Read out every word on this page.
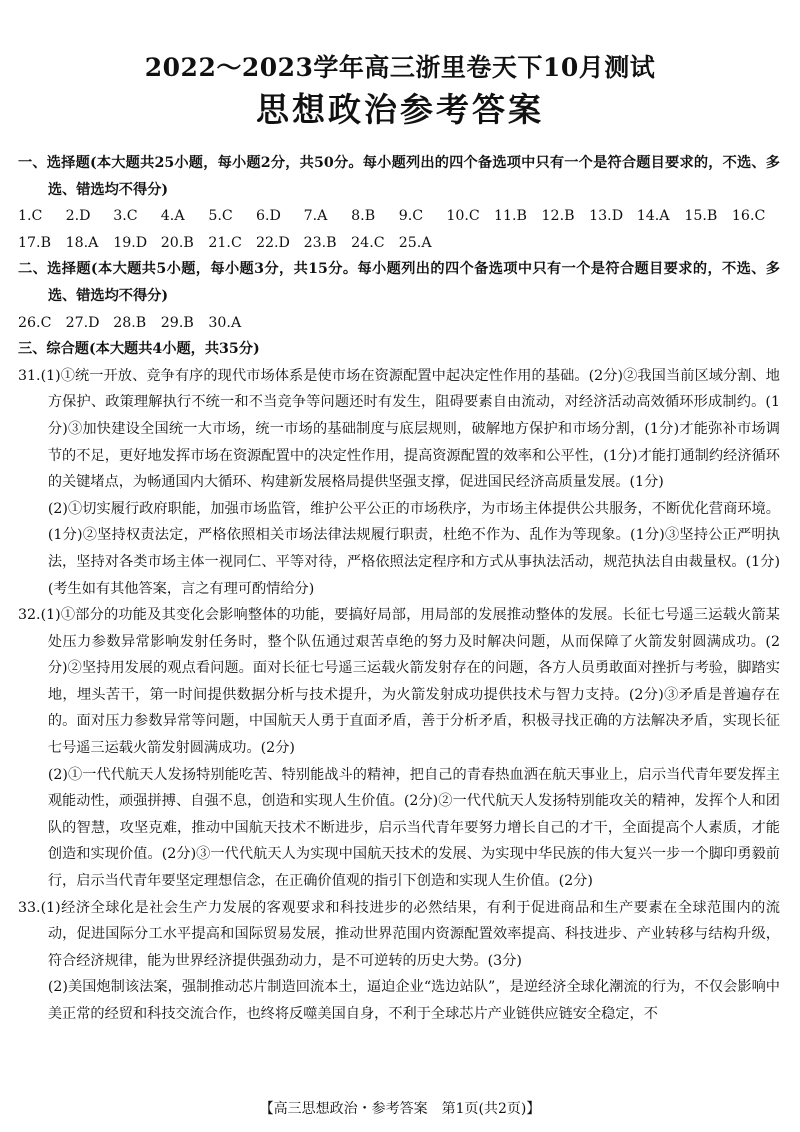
2022～2023学年高三浙里卷天下10月测试
思想政治参考答案

一、选择题(本大题共25小题，每小题2分，共50分。每小题列出的四个备选项中只有一个是符合题目要求的，不选、多选、错选均不得分)

1.C	2.D	3.C	4.A	5.C	6.D	7.A	8.B	9.C	10.C 11.B	12.B	13.D 14.A	15.B	16.C
17.B	18.A	19.D 20.B	21.C 22.D 23.B	24.C 25.A

二、选择题(本大题共5小题，每小题3分，共15分。每小题列出的四个备选项中只有一个是符合题目要求的，不选、多选、错选均不得分)

26.C 27.D 28.B	29.B	30.A

三、综合题(本大题共4小题，共35分)

31.(1)①统一开放、竞争有序的现代市场体系是使市场在资源配置中起决定性作用的基础。(2分)②我国当前区域分割、地方保护、政策理解执行不统一和不当竞争等问题还时有发生，阻碍要素自由流动，对经济活动高效循环形成制约。(1分)③加快建设全国统一大市场，统一市场的基础制度与底层规则，破解地方保护和市场分割，(1分)才能弥补市场调节的不足，更好地发挥市场在资源配置中的决定性作用，提高资源配置的效率和公平性，(1分)才能打通制约经济循环的关键堵点，为畅通国内大循环、构建新发展格局提供坚强支撑，促进国民经济高质量发展。(1分)

(2)①切实履行政府职能，加强市场监管，维护公平公正的市场秩序，为市场主体提供公共服务，不断优化营商环境。(1分)②坚持权责法定，严格依照相关市场法律法规履行职责，杜绝不作为、乱作为等现象。(1分)③坚持公正严明执法，坚持对各类市场主体一视同仁、平等对待，严格依照法定程序和方式从事执法活动，规范执法自由裁量权。(1分)(考生如有其他答案，言之有理可酌情给分)

32.(1)①部分的功能及其变化会影响整体的功能，要搞好局部，用局部的发展推动整体的发展。长征七号遥三运载火箭某处压力参数异常影响发射任务时，整个队伍通过艰苦卓绝的努力及时解决问题，从而保障了火箭发射圆满成功。(2分)②坚持用发展的观点看问题。面对长征七号遥三运载火箭发射存在的问题，各方人员勇敢面对挫折与考验，脚踏实地，埋头苦干，第一时间提供数据分析与技术提升，为火箭发射成功提供技术与智力支持。(2分)③矛盾是普遍存在的。面对压力参数异常等问题，中国航天人勇于直面矛盾，善于分析矛盾，积极寻找正确的方法解决矛盾，实现长征七号遥三运载火箭发射圆满成功。(2分)

(2)①一代代航天人发扬特别能吃苦、特别能战斗的精神，把自己的青春热血洒在航天事业上，启示当代青年要发挥主观能动性，顽强拼搏、自强不息，创造和实现人生价值。(2分)②一代代航天人发扬特别能攻关的精神，发挥个人和团队的智慧，攻坚克难，推动中国航天技术不断进步，启示当代青年要努力增长自己的才干，全面提高个人素质，才能创造和实现价值。(2分)③一代代航天人为实现中国航天技术的发展、为实现中华民族的伟大复兴一步一个脚印勇毅前行，启示当代青年要坚定理想信念，在正确价值观的指引下创造和实现人生价值。(2分)

33.(1)经济全球化是社会生产力发展的客观要求和科技进步的必然结果，有利于促进商品和生产要素在全球范围内的流动，促进国际分工水平提高和国际贸易发展，推动世界范围内资源配置效率提高、科技进步、产业转移与结构升级，符合经济规律，能为世界经济提供强劲动力，是不可逆转的历史大势。(3分)

(2)美国炮制该法案，强制推动芯片制造回流本土，逼迫企业“选边站队”，是逆经济全球化潮流的行为，不仅会影响中美正常的经贸和科技交流合作，也终将反噬美国自身，不利于全球芯片产业链供应链安全稳定，不

【高三思想政治・参考答案　第1页(共2页)】
